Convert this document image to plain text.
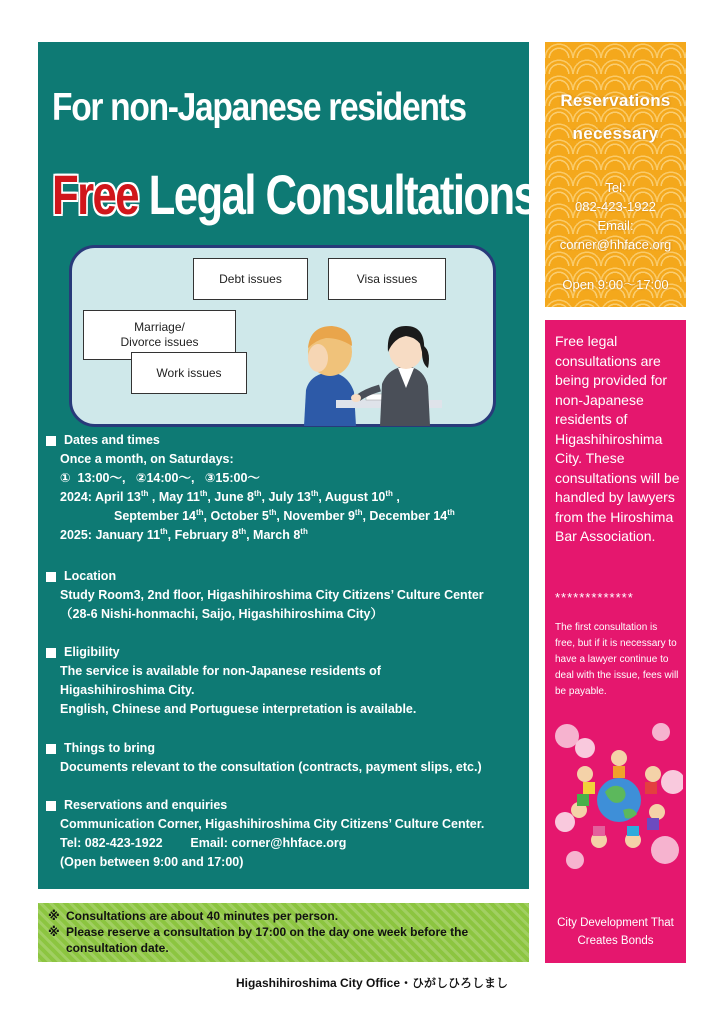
For non-Japanese residents
Free Legal Consultations
Debt issues	Visa issues
Marriage/
Divorce issues
Work issues
Dates and times
Once a month, on Saturdays:
①  13:00～,   ②14:00～,   ③15:00～
2024: April 13th , May 11th, June 8th, July 13th, August 10th ,
September 14th, October 5th, November 9th, December 14th
2025: January 11th, February 8th, March 8th
Location
Study Room3, 2nd floor, Higashihiroshima City Citizens’ Culture Center
（28-6 Nishi-honmachi, Saijo, Higashihiroshima City）
Eligibility
The service is available for non-Japanese residents of
Higashihiroshima City.
English, Chinese and Portuguese interpretation is available.
Things to bring
Documents relevant to the consultation (contracts, payment slips, etc.)
Reservations and enquiries
Communication Corner, Higashihiroshima City Citizens’ Culture Center.
Tel: 082-423-1922        Email: corner@hhface.org
(Open between 9:00 and 17:00)
※ Consultations are about 40 minutes per person.
※ Please reserve a consultation by 17:00 on the day one week before the consultation date.
Higashihiroshima City Office・ひがしひろしまし
Reservations
necessary
Tel:
082-423-1922
Email:
corner@hhface.org
Open 9:00～17:00
Free legal consultations are being provided for non-Japanese residents of Higashihiroshima City. These consultations will be handled by lawyers from the Hiroshima Bar Association.
*************
The first consultation is free, but if it is necessary to have a lawyer continue to deal with the issue, fees will be payable.
City Development That
Creates Bonds
